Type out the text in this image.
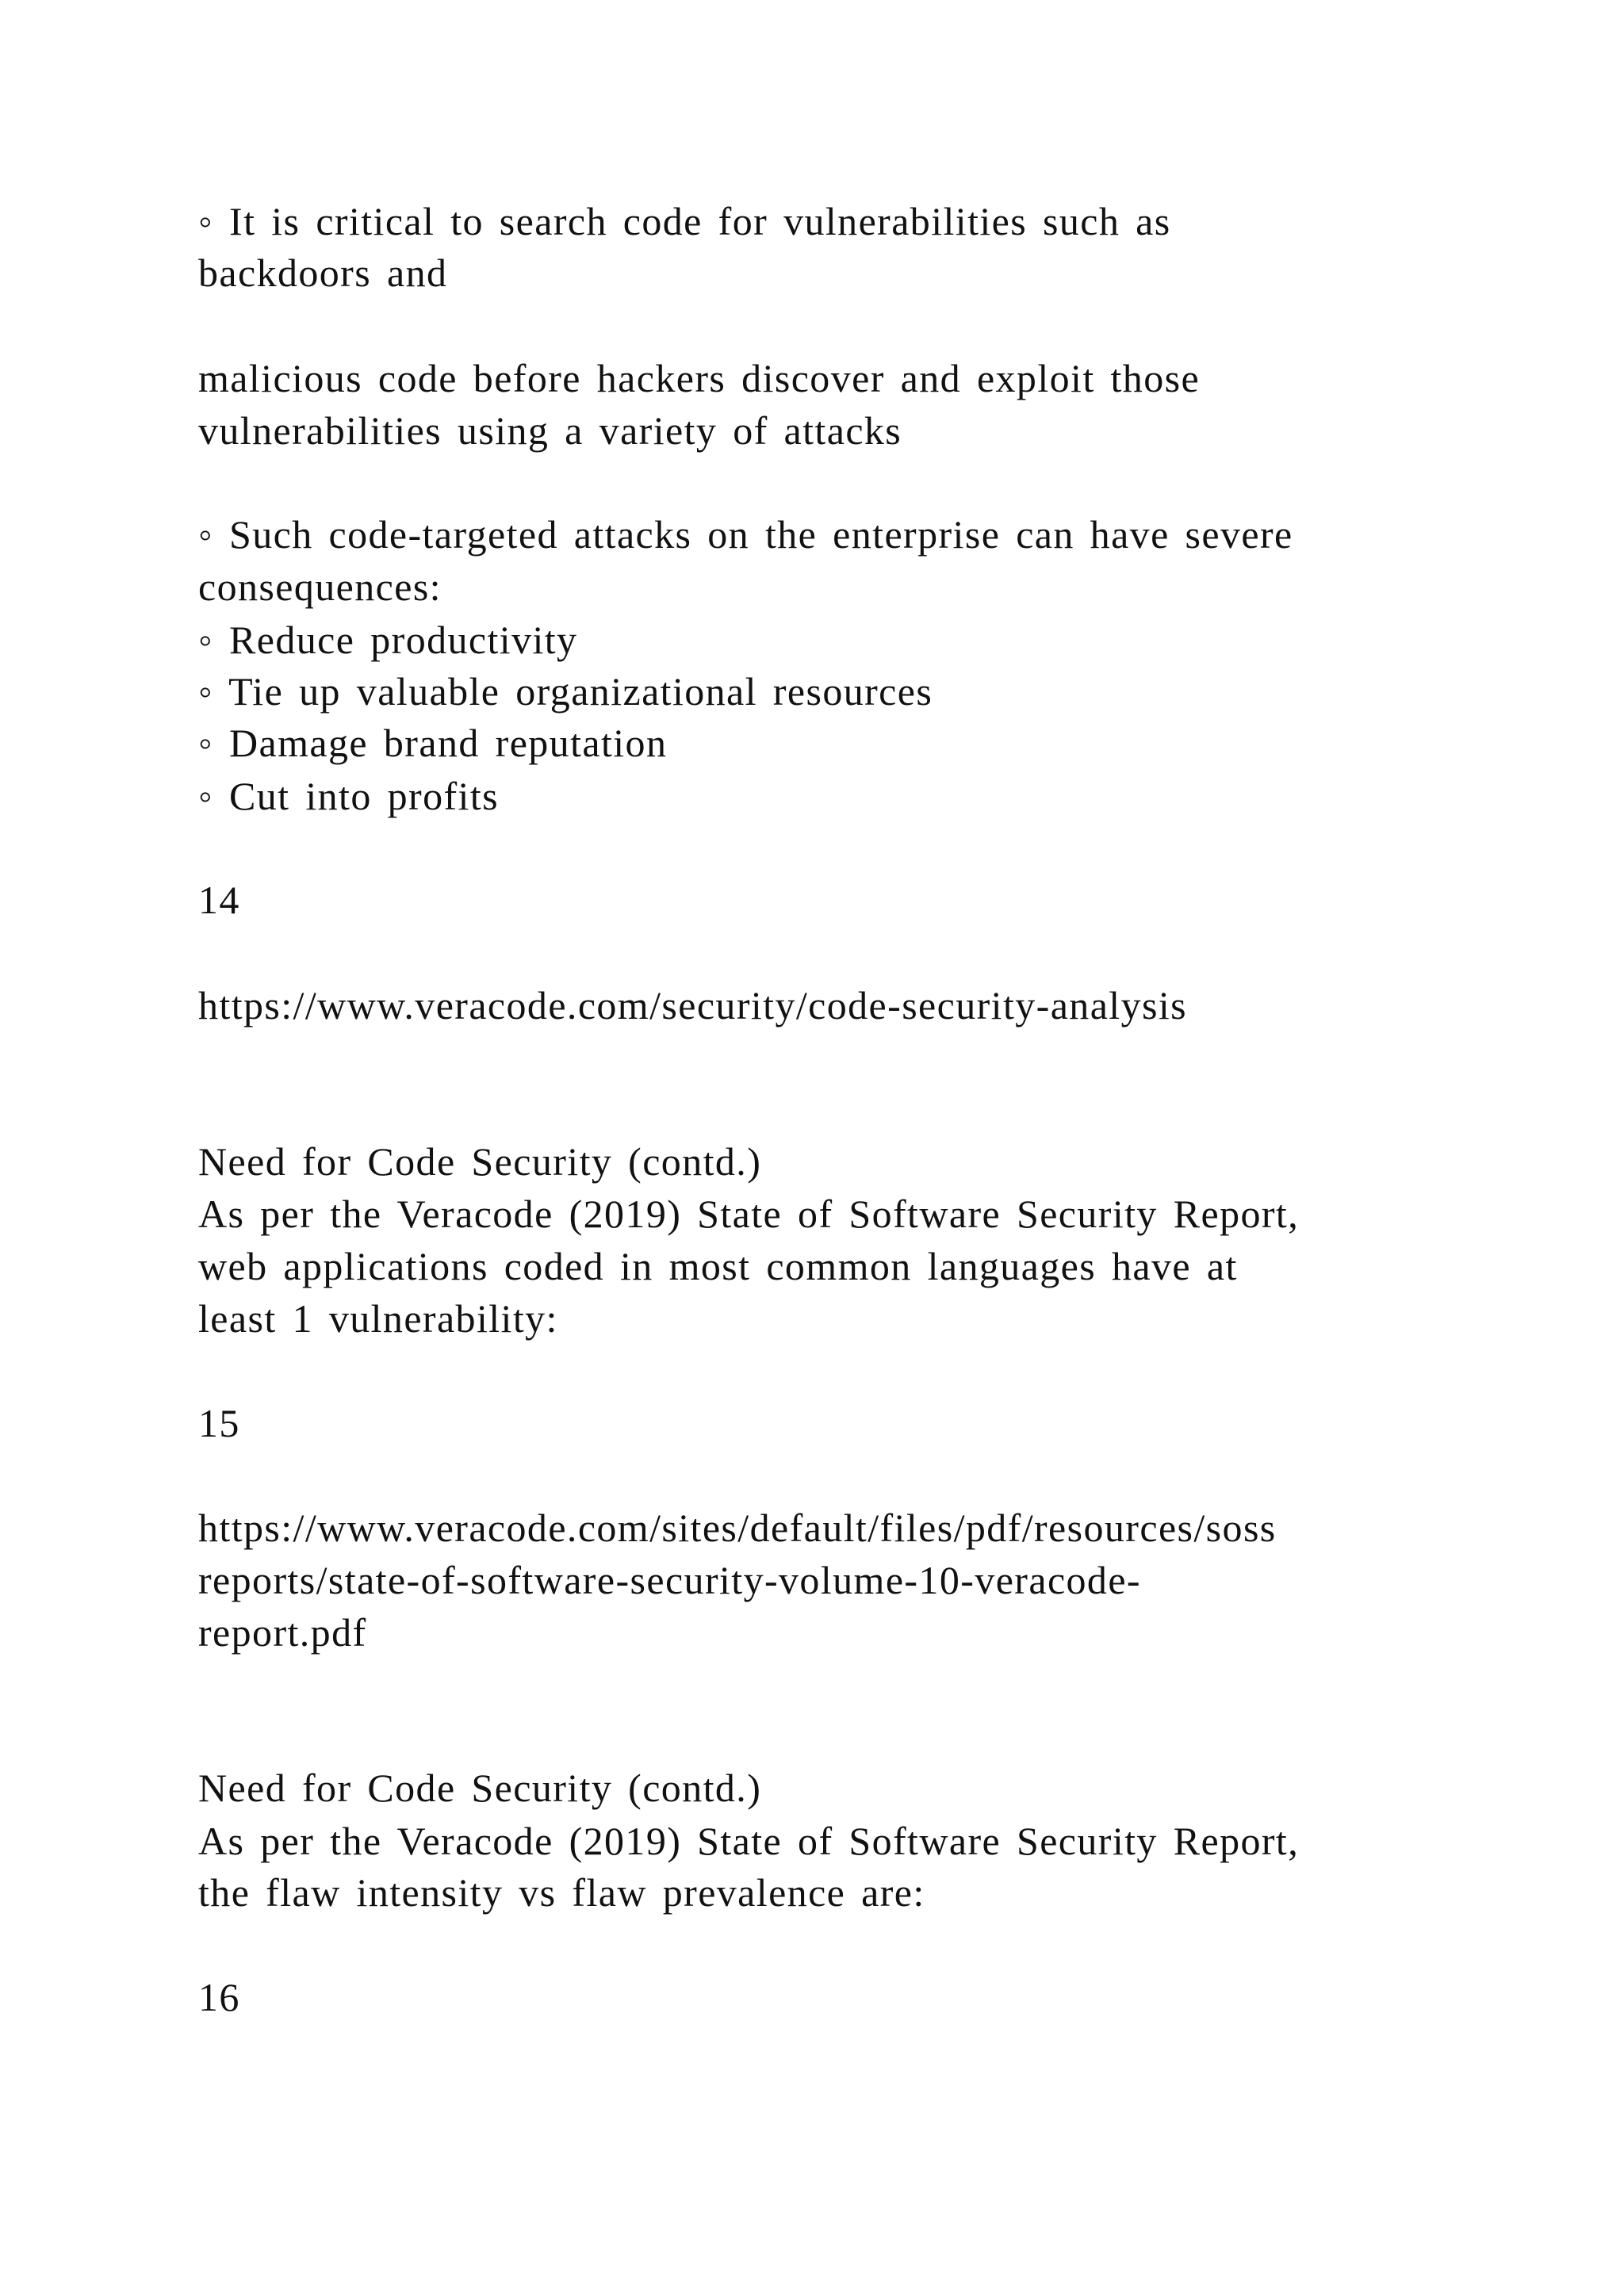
◦ It is critical to search code for vulnerabilities such as
backdoors and
malicious code before hackers discover and exploit those
vulnerabilities using a variety of attacks
◦ Such code-targeted attacks on the enterprise can have severe
consequences:
◦ Reduce productivity
◦ Tie up valuable organizational resources
◦ Damage brand reputation
◦ Cut into profits
14
https://www.veracode.com/security/code-security-analysis
Need for Code Security (contd.)
As per the Veracode (2019) State of Software Security Report,
web applications coded in most common languages have at
least 1 vulnerability:
15
https://www.veracode.com/sites/default/files/pdf/resources/soss
reports/state-of-software-security-volume-10-veracode-
report.pdf
Need for Code Security (contd.)
As per the Veracode (2019) State of Software Security Report,
the flaw intensity vs flaw prevalence are:
16
